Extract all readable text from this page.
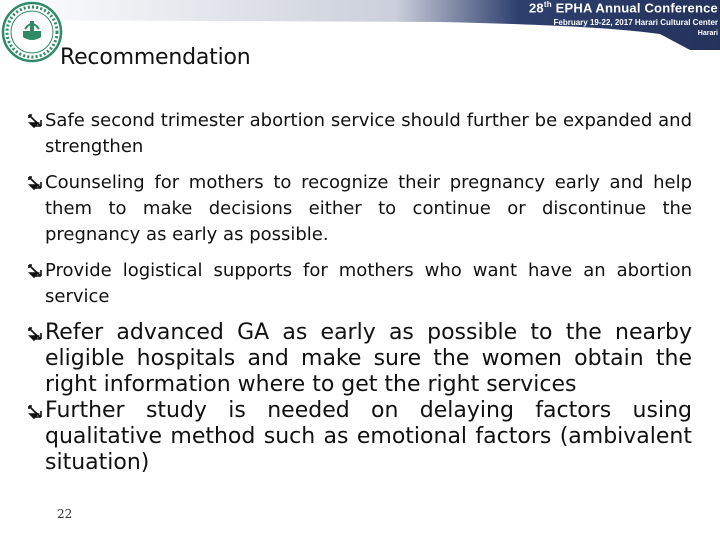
28th EPHA Annual Conference
February 19-22, 2017 Harari Cultural Center
Harari
Recommendation
Safe second trimester abortion service should further be expanded and strengthen
Counseling for mothers to recognize their pregnancy early and help them to make decisions either to continue or discontinue the pregnancy as early as possible.
Provide logistical supports for mothers who want have an abortion service
Refer advanced GA as early as possible to the nearby eligible hospitals and make sure the women obtain the right information where to get the right services
Further study is needed on delaying factors using qualitative method such as emotional factors (ambivalent situation)
22
